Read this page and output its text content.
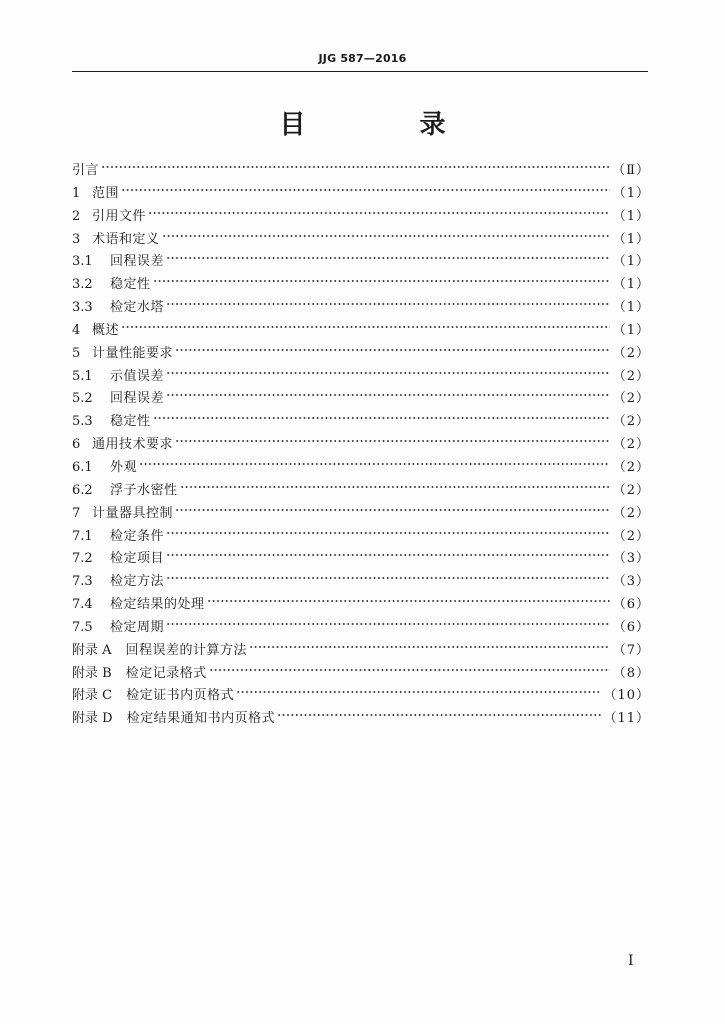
JJG 587—2016
目　录
引言	（Ⅱ）
1 范围	（1）
2 引用文件	（1）
3 术语和定义	（1）
3.1	回程误差	（1）
3.2	稳定性	（1）
3.3	检定水塔	（1）
4 概述	（1）
5 计量性能要求	（2）
5.1	示值误差	（2）
5.2	回程误差	（2）
5.3	稳定性	（2）
6 通用技术要求	（2）
6.1	外观	（2）
6.2	浮子水密性	（2）
7 计量器具控制	（2）
7.1	检定条件	（2）
7.2	检定项目	（3）
7.3	检定方法	（3）
7.4	检定结果的处理	（6）
7.5	检定周期	（6）
附录 A	回程误差的计算方法	（7）
附录 B	检定记录格式	（8）
附录 C	检定证书内页格式	（10）
附录 D	检定结果通知书内页格式	（11）
Ⅰ
